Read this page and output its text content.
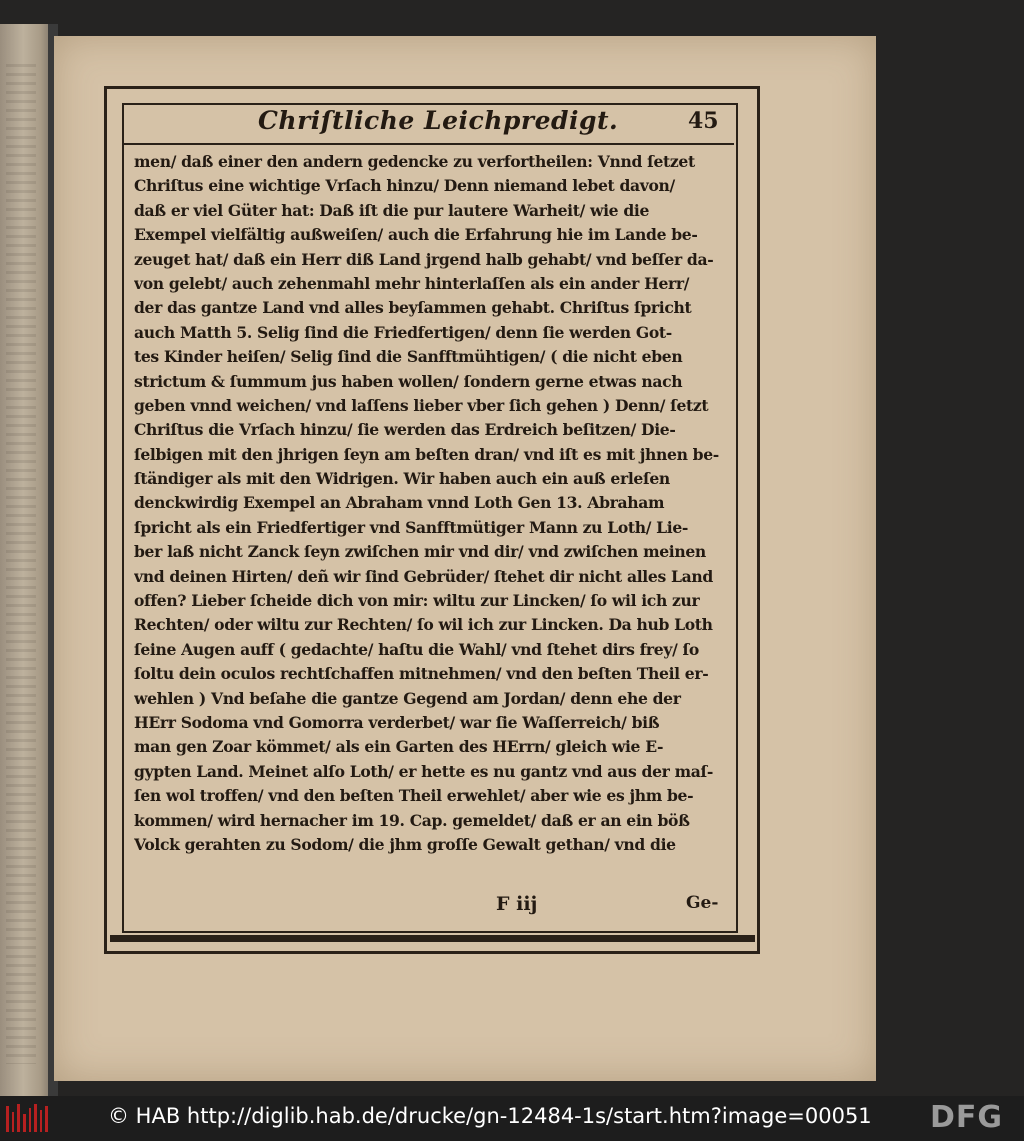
Chriſtliche Leichpredigt.	45
men/ daß einer den andern gedencke zu verfortheilen: Vnnd ſetzet
Chriſtus eine wichtige Vrſach hinzu/ Denn niemand lebet davon/
daß er viel Güter hat: Daß iſt die pur lautere Warheit/ wie die
Exempel vielfältig außweiſen/ auch die Erfahrung hie im Lande be-
zeuget hat/ daß ein Herr diß Land jrgend halb gehabt/ vnd beſſer da-
von gelebt/ auch zehenmahl mehr hinterlaſſen als ein ander Herr/
der das gantze Land vnd alles beyſammen gehabt. Chriſtus ſpricht
auch Matth 5. Selig ſind die Friedfertigen/ denn ſie werden Got-
tes Kinder heiſen/ Selig ſind die Sanfftmühtigen/ ( die nicht eben
strictum & ſummum jus haben wollen/ ſondern gerne etwas nach
geben vnnd weichen/ vnd laſſens lieber vber ſich gehen ) Denn/ ſetzt
Chriſtus die Vrſach hinzu/ ſie werden das Erdreich beſitzen/ Die-
ſelbigen mit den jhrigen ſeyn am beſten dran/ vnd iſt es mit jhnen be-
ſtändiger als mit den Widrigen. Wir haben auch ein auß erleſen
denckwirdig Exempel an Abraham vnnd Loth Gen 13. Abraham
ſpricht als ein Friedfertiger vnd Sanfftmütiger Mann zu Loth/ Lie-
ber laß nicht Zanck ſeyn zwiſchen mir vnd dir/ vnd zwiſchen meinen
vnd deinen Hirten/ deñ wir ſind Gebrüder/ ſtehet dir nicht alles Land
offen? Lieber ſcheide dich von mir: wiltu zur Lincken/ ſo wil ich zur
Rechten/ oder wiltu zur Rechten/ ſo wil ich zur Lincken. Da hub Loth
ſeine Augen auff ( gedachte/ haſtu die Wahl/ vnd ſtehet dirs frey/ ſo
ſoltu dein oculos rechtſchaffen mitnehmen/ vnd den beſten Theil er-
wehlen ) Vnd beſahe die gantze Gegend am Jordan/ denn ehe der
HErr Sodoma vnd Gomorra verderbet/ war ſie Waſſerreich/ biß
man gen Zoar kömmet/ als ein Garten des HErrn/ gleich wie E-
gypten Land. Meinet alſo Loth/ er hette es nu gantz vnd aus der maſ-
ſen wol troffen/ vnd den beſten Theil erwehlet/ aber wie es jhm be-
kommen/ wird hernacher im 19. Cap. gemeldet/ daß er an ein böß
Volck gerahten zu Sodom/ die jhm groſſe Gewalt gethan/ vnd die
F iij	Ge-
© HAB http://diglib.hab.de/drucke/gn-12484-1s/start.htm?image=00051 DFG
